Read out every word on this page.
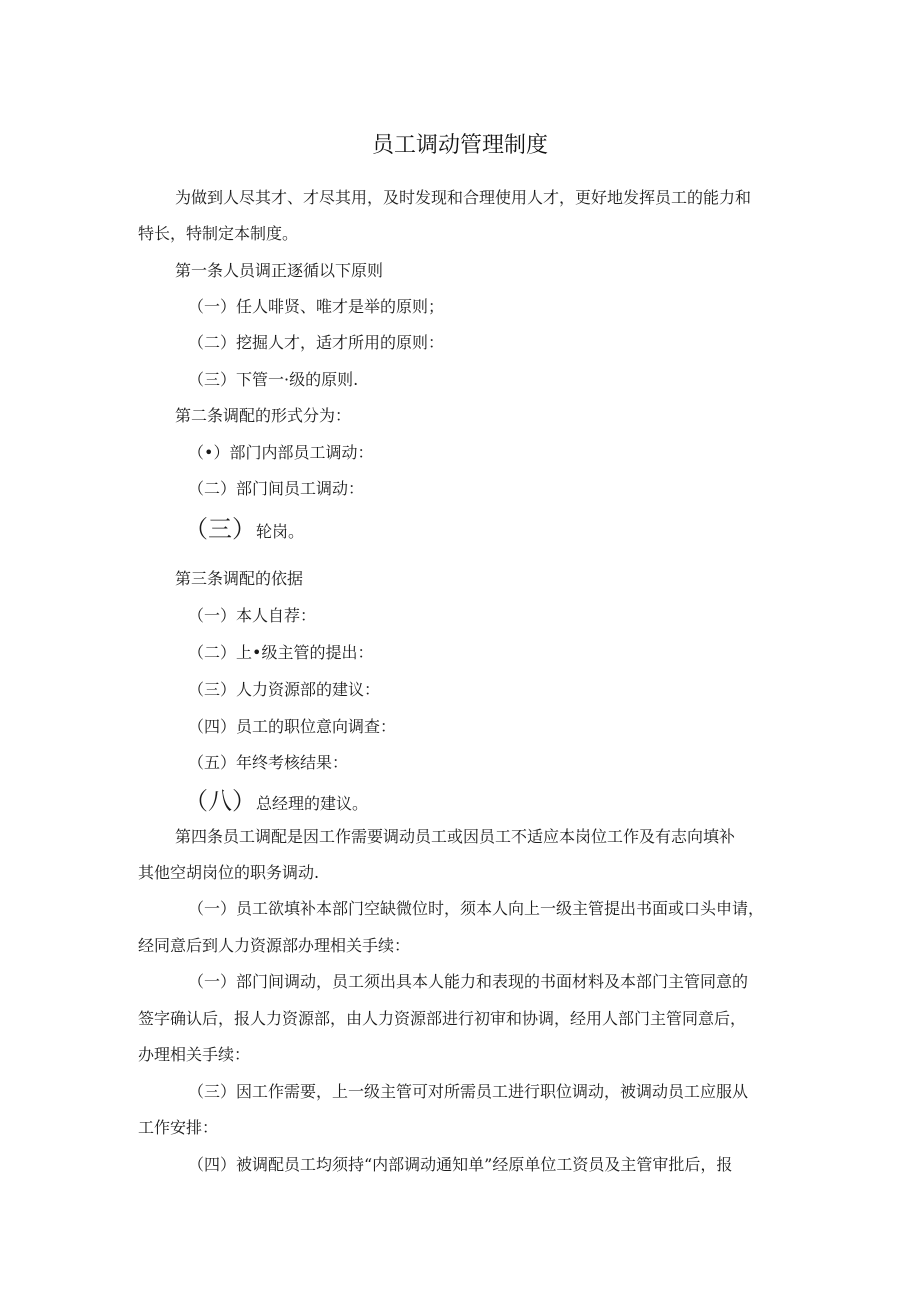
员工调动管理制度
为做到人尽其才、才尽其用，及时发现和合理使用人才，更好地发挥员工的能力和
特长，特制定本制度。
第一条人员调正逐循以下原则
（一）任人啡贤、唯才是举的原则；
（二）挖掘人才，适才所用的原则：
（三）下管一·级的原则.
第二条调配的形式分为：
（•）部门内部员工调动：
（二）部门间员工调动：
（三）轮岗。
第三条调配的依据
（一）本人自荐：
（二）上•级主管的提出：
（三）人力资源部的建议：
（四）员工的职位意向调查：
（五）年终考核结果：
（八）总经理的建议。
第四条员工调配是因工作需要调动员工或因员工不适应本岗位工作及有志向填补
其他空胡岗位的职务调动.
（一）员工欲填补本部门空缺微位时，须本人向上一级主管提出书面或口头申请，
经同意后到人力资源部办理相关手续：
（一）部门间调动，员工须出具本人能力和表现的书面材料及本部门主管同意的
签字确认后，报人力资源部，由人力资源部进行初审和协调，经用人部门主管同意后，
办理相关手续：
（三）因工作需要，上一级主管可对所需员工进行职位调动，被调动员工应服从
工作安排：
（四）被调配员工均须持“内部调动通知单”经原单位工资员及主管审批后，报
